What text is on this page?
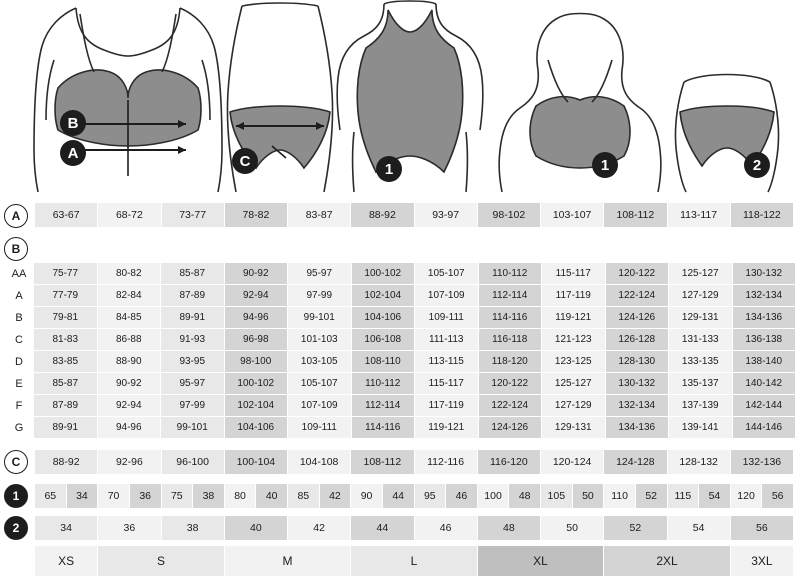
B
A	C	1	1	2
A	63-67	68-72	73-77	78-82	83-87	88-92	93-97	98-102	103-107	108-112	113-117	118-122
B
AA	75-77	80-82	85-87	90-92	95-97	100-102	105-107	110-112	115-117	120-122	125-127	130-132
A	77-79	82-84	87-89	92-94	97-99	102-104	107-109	112-114	117-119	122-124	127-129	132-134
B	79-81	84-85	89-91	94-96	99-101	104-106	109-111	114-116	119-121	124-126	129-131	134-136
C	81-83	86-88	91-93	96-98	101-103	106-108	111-113	116-118	121-123	126-128	131-133	136-138
D	83-85	88-90	93-95	98-100	103-105	108-110	113-115	118-120	123-125	128-130	133-135	138-140
E	85-87	90-92	95-97	100-102	105-107	110-112	115-117	120-122	125-127	130-132	135-137	140-142
F	87-89	92-94	97-99	102-104	107-109	112-114	117-119	122-124	127-129	132-134	137-139	142-144
G	89-91	94-96	99-101	104-106	109-111	114-116	119-121	124-126	129-131	134-136	139-141	144-146
C	88-92	92-96	96-100	100-104	104-108	108-112	112-116	116-120	120-124	124-128	128-132	132-136
1	65	34	70	36	75	38	80	40	85	42	90	44	95	46	100	48	105	50	110	52	115	54	120	56
2	34	36	38	40	42	44	46	48	50	52	54	56
XS	S	M	L	XL	2XL	3XL
